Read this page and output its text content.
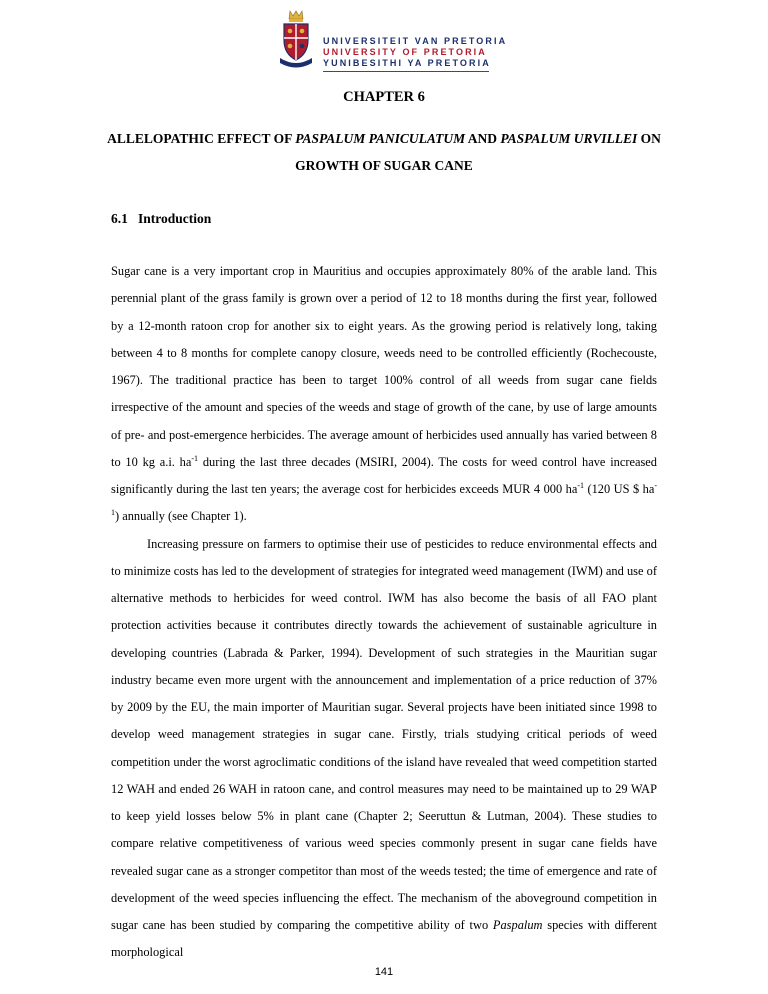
UNIVERSITEIT VAN PRETORIA
UNIVERSITY OF PRETORIA
YUNIBESITHI YA PRETORIA
CHAPTER 6
ALLELOPATHIC EFFECT OF PASPALUM PANICULATUM AND PASPALUM URVILLEI ON GROWTH OF SUGAR CANE
6.1 Introduction

Sugar cane is a very important crop in Mauritius and occupies approximately 80% of the arable land. This perennial plant of the grass family is grown over a period of 12 to 18 months during the first year, followed by a 12-month ratoon crop for another six to eight years. As the growing period is relatively long, taking between 4 to 8 months for complete canopy closure, weeds need to be controlled efficiently (Rochecouste, 1967). The traditional practice has been to target 100% control of all weeds from sugar cane fields irrespective of the amount and species of the weeds and stage of growth of the cane, by use of large amounts of pre- and post-emergence herbicides. The average amount of herbicides used annually has varied between 8 to 10 kg a.i. $ha^{-1}$ during the last three decades (MSIRI, 2004). The costs for weed control have increased significantly during the last ten years; the average cost for herbicides exceeds MUR 4 000 $ha^{-1}$ (120 US $ $ha^{-1}$) annually (see Chapter 1).

Increasing pressure on farmers to optimise their use of pesticides to reduce environmental effects and to minimize costs has led to the development of strategies for integrated weed management (IWM) and use of alternative methods to herbicides for weed control. IWM has also become the basis of all FAO plant protection activities because it contributes directly towards the achievement of sustainable agriculture in developing countries (Labrada & Parker, 1994). Development of such strategies in the Mauritian sugar industry became even more urgent with the announcement and implementation of a price reduction of 37% by 2009 by the EU, the main importer of Mauritian sugar. Several projects have been initiated since 1998 to develop weed management strategies in sugar cane. Firstly, trials studying critical periods of weed competition under the worst agroclimatic conditions of the island have revealed that weed competition started 12 WAH and ended 26 WAH in ratoon cane, and control measures may need to be maintained up to 29 WAP to keep yield losses below 5% in plant cane (Chapter 2; Seeruttun & Lutman, 2004). These studies to compare relative competitiveness of various weed species commonly present in sugar cane fields have revealed sugar cane as a stronger competitor than most of the weeds tested; the time of emergence and rate of development of the weed species influencing the effect. The mechanism of the aboveground competition in sugar cane has been studied by comparing the competitive ability of two Paspalum species with different morphological

141
